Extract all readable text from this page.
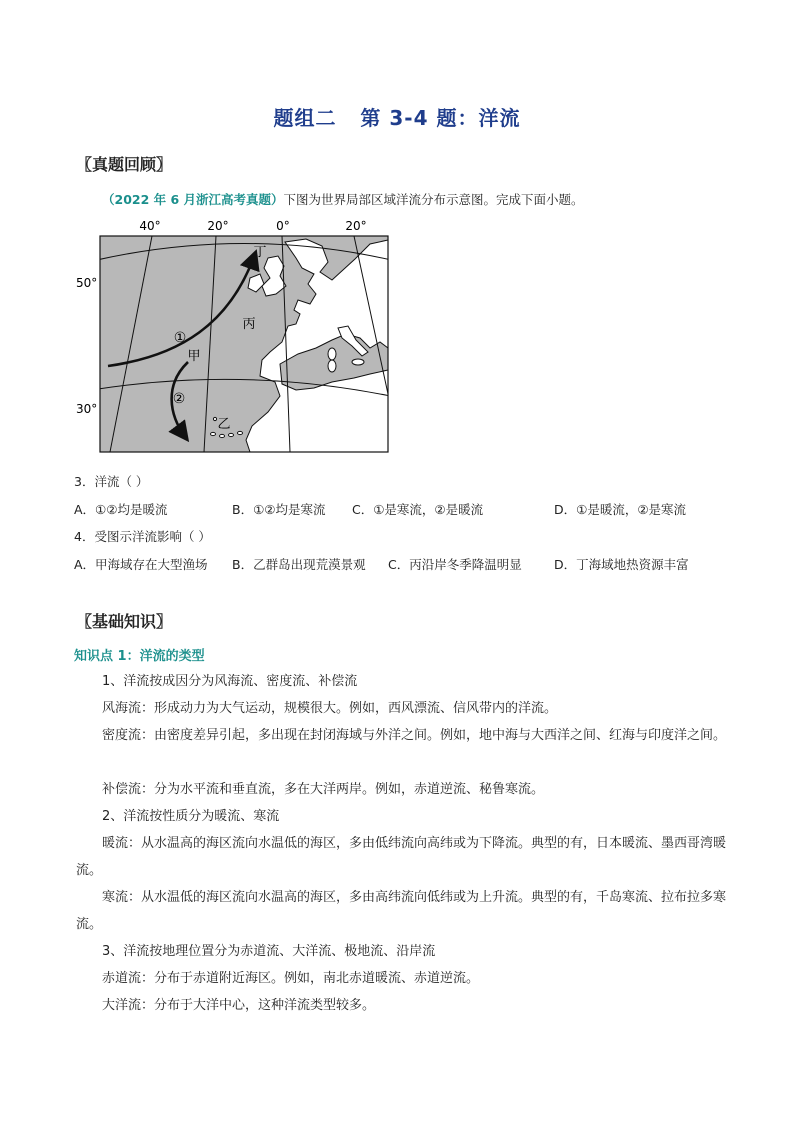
题组二   第 3-4 题：洋流
〖真题回顾〗
（2022 年 6 月浙江高考真题）下图为世界局部区域洋流分布示意图。完成下面小题。
40°	20°	0°	20°
50°
30°
①
②
丁
丙
甲
乙
3．洋流（ ）
A．①②均是暖流	B．①②均是寒流 C．①是寒流，②是暖流	D．①是暖流，②是寒流
4．受图示洋流影响（ ）
A．甲海域存在大型渔场 B．乙群岛出现荒漠景观 C．丙沿岸冬季降温明显	D．丁海域地热资源丰富
〖基础知识〗
知识点 1：洋流的类型
1、洋流按成因分为风海流、密度流、补偿流
风海流：形成动力为大气运动，规模很大。例如，西风漂流、信风带内的洋流。
密度流：由密度差异引起，多出现在封闭海域与外洋之间。例如，地中海与大西洋之间、红海与印度洋之间。
补偿流：分为水平流和垂直流，多在大洋两岸。例如，赤道逆流、秘鲁寒流。
2、洋流按性质分为暖流、寒流
暖流：从水温高的海区流向水温低的海区，多由低纬流向高纬或为下降流。典型的有，日本暖流、墨西哥湾暖流。
寒流：从水温低的海区流向水温高的海区，多由高纬流向低纬或为上升流。典型的有，千岛寒流、拉布拉多寒流。
3、洋流按地理位置分为赤道流、大洋流、极地流、沿岸流
赤道流：分布于赤道附近海区。例如，南北赤道暖流、赤道逆流。
大洋流：分布于大洋中心，这种洋流类型较多。
